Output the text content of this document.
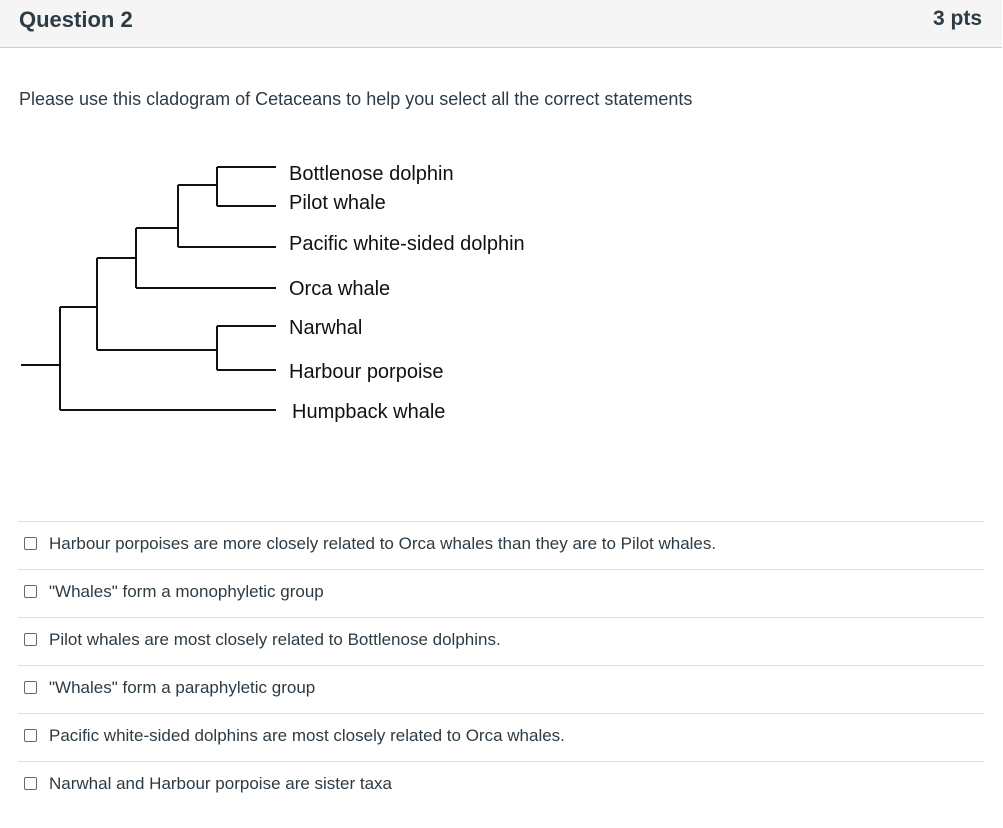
Question 2	3 pts
Please use this cladogram of Cetaceans to help you select all the correct statements
Bottlenose dolphin
Pilot whale
Pacific white-sided dolphin
Orca whale
Narwhal
Harbour porpoise
Humpback whale
Harbour porpoises are more closely related to Orca whales than they are to Pilot whales.
"Whales" form a monophyletic group
Pilot whales are most closely related to Bottlenose dolphins.
"Whales" form a paraphyletic group
Pacific white-sided dolphins are most closely related to Orca whales.
Narwhal and Harbour porpoise are sister taxa
